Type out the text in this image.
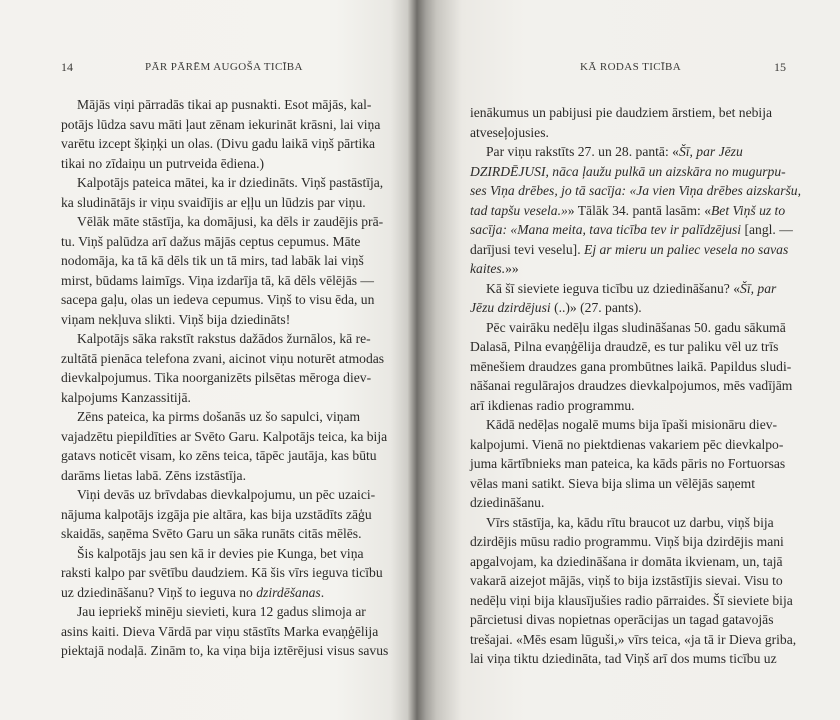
14	PĀR PĀRĒM AUGOŠA TICĪBA
Mājās viņi pārradās tikai ap pusnakti. Esot mājās, kal-
potājs lūdza savu māti ļaut zēnam iekurināt krāsni, lai viņa
varētu izcept šķiņķi un olas. (Divu gadu laikā viņš pārtika
tikai no zīdaiņu un putrveida ēdiena.)
Kalpotājs pateica mātei, ka ir dziedināts. Viņš pastāstīja,
ka sludinātājs ir viņu svaidījis ar eļļu un lūdzis par viņu.
Vēlāk māte stāstīja, ka domājusi, ka dēls ir zaudējis prā-
tu. Viņš palūdza arī dažus mājās ceptus cepumus. Māte
nodomāja, ka tā kā dēls tik un tā mirs, tad labāk lai viņš
mirst, būdams laimīgs. Viņa izdarīja tā, kā dēls vēlējās —
sacepa gaļu, olas un iedeva cepumus. Viņš to visu ēda, un
viņam nekļuva slikti. Viņš bija dziedināts!
Kalpotājs sāka rakstīt rakstus dažādos žurnālos, kā re-
zultātā pienāca telefona zvani, aicinot viņu noturēt atmodas
dievkalpojumus. Tika noorganizēts pilsētas mēroga diev-
kalpojums Kanzassitijā.
Zēns pateica, ka pirms došanās uz šo sapulci, viņam
vajadzētu piepildīties ar Svēto Garu. Kalpotājs teica, ka bija
gatavs noticēt visam, ko zēns teica, tāpēc jautāja, kas būtu
darāms lietas labā. Zēns izstāstīja.
Viņi devās uz brīvdabas dievkalpojumu, un pēc uzaici-
nājuma kalpotājs izgāja pie altāra, kas bija uzstādīts zāģu
skaidās, saņēma Svēto Garu un sāka runāts citās mēlēs.
Šis kalpotājs jau sen kā ir devies pie Kunga, bet viņa
raksti kalpo par svētību daudziem. Kā šis vīrs ieguva ticību
uz dziedināšanu? Viņš to ieguva no dzirdēšanas.
Jau iepriekš minēju sievieti, kura 12 gadus slimoja ar
asins kaiti. Dieva Vārdā par viņu stāstīts Marka evaņģēlija
piektajā nodaļā. Zinām to, ka viņa bija iztērējusi visus savus
KĀ RODAS TICĪBA	15
ienākumus un pabijusi pie daudziem ārstiem, bet nebija
atveseļojusies.
Par viņu rakstīts 27. un 28. pantā: «Šī, par Jēzu
DZIRDĒJUSI, nāca ļaužu pulkā un aizskāra no mugurpu-
ses Viņa drēbes, jo tā sacīja: «Ja vien Viņa drēbes aizskaršu,
tad tapšu vesela.»» Tālāk 34. pantā lasām: «Bet Viņš uz to
sacīja: «Mana meita, tava ticība tev ir palīdzējusi [angl. —
darījusi tevi veselu]. Ej ar mieru un paliec vesela no savas
kaites.»»
Kā šī sieviete ieguva ticību uz dziedināšanu? «Šī, par
Jēzu dzirdējusi (..)» (27. pants).
Pēc vairāku nedēļu ilgas sludināšanas 50. gadu sākumā
Dalasā, Pilna evaņģēlija draudzē, es tur paliku vēl uz trīs
mēnešiem draudzes gana prombūtnes laikā. Papildus sludi-
nāšanai regulārajos draudzes dievkalpojumos, mēs vadījām
arī ikdienas radio programmu.
Kādā nedēļas nogalē mums bija īpaši misionāru diev-
kalpojumi. Vienā no piektdienas vakariem pēc dievkalpo-
juma kārtībnieks man pateica, ka kāds pāris no Fortuorsas
vēlas mani satikt. Sieva bija slima un vēlējās saņemt
dziedināšanu.
Vīrs stāstīja, ka, kādu rītu braucot uz darbu, viņš bija
dzirdējis mūsu radio programmu. Viņš bija dzirdējis mani
apgalvojam, ka dziedināšana ir domāta ikvienam, un, tajā
vakarā aizejot mājās, viņš to bija izstāstījis sievai. Visu to
nedēļu viņi bija klausījušies radio pārraides. Šī sieviete bija
pārcietusi divas nopietnas operācijas un tagad gatavojās
trešajai. «Mēs esam lūguši,» vīrs teica, «ja tā ir Dieva griba,
lai viņa tiktu dziedināta, tad Viņš arī dos mums ticību uz
